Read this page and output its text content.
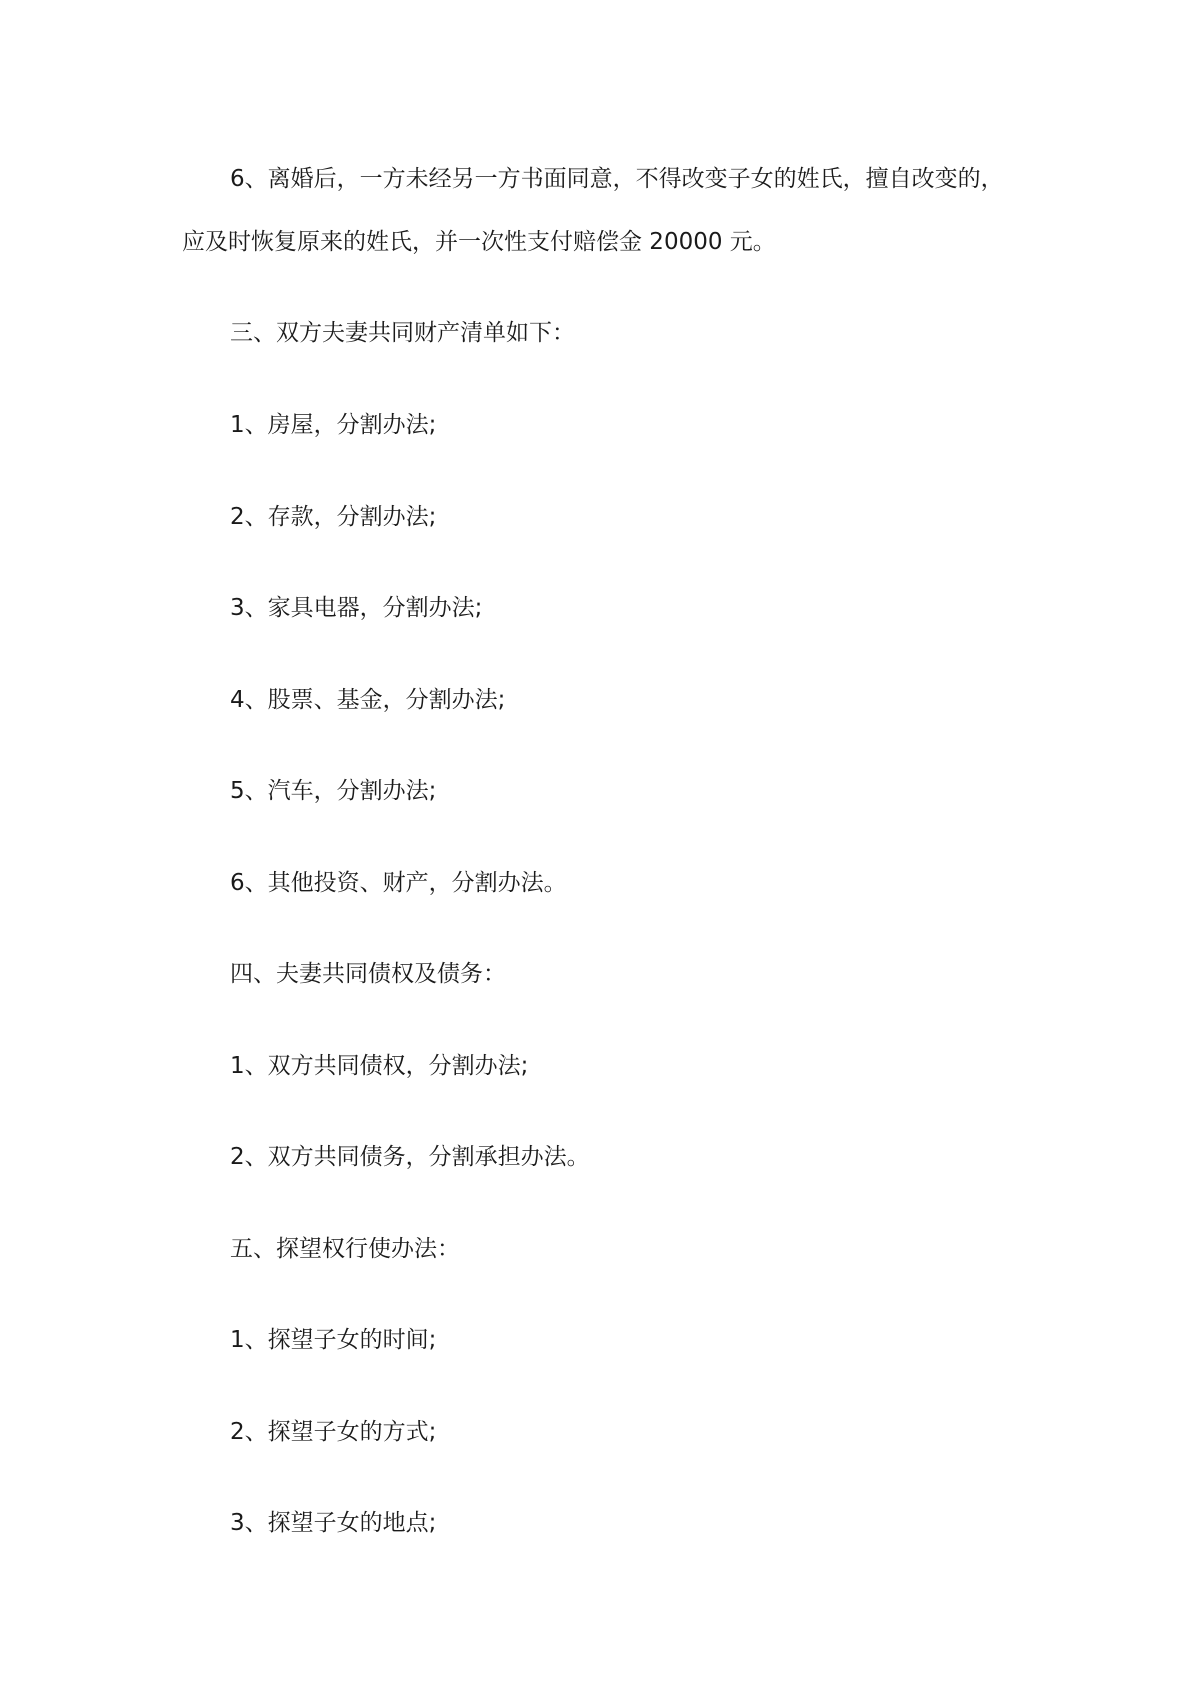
6、离婚后，一方未经另一方书面同意，不得改变子女的姓氏，擅自改变的，
应及时恢复原来的姓氏，并一次性支付赔偿金 20000 元。
三、双方夫妻共同财产清单如下：
1、房屋，分割办法;
2、存款，分割办法;
3、家具电器，分割办法;
4、股票、基金，分割办法;
5、汽车，分割办法;
6、其他投资、财产，分割办法。
四、夫妻共同债权及债务：
1、双方共同债权，分割办法;
2、双方共同债务，分割承担办法。
五、探望权行使办法：
1、探望子女的时间;
2、探望子女的方式;
3、探望子女的地点;
